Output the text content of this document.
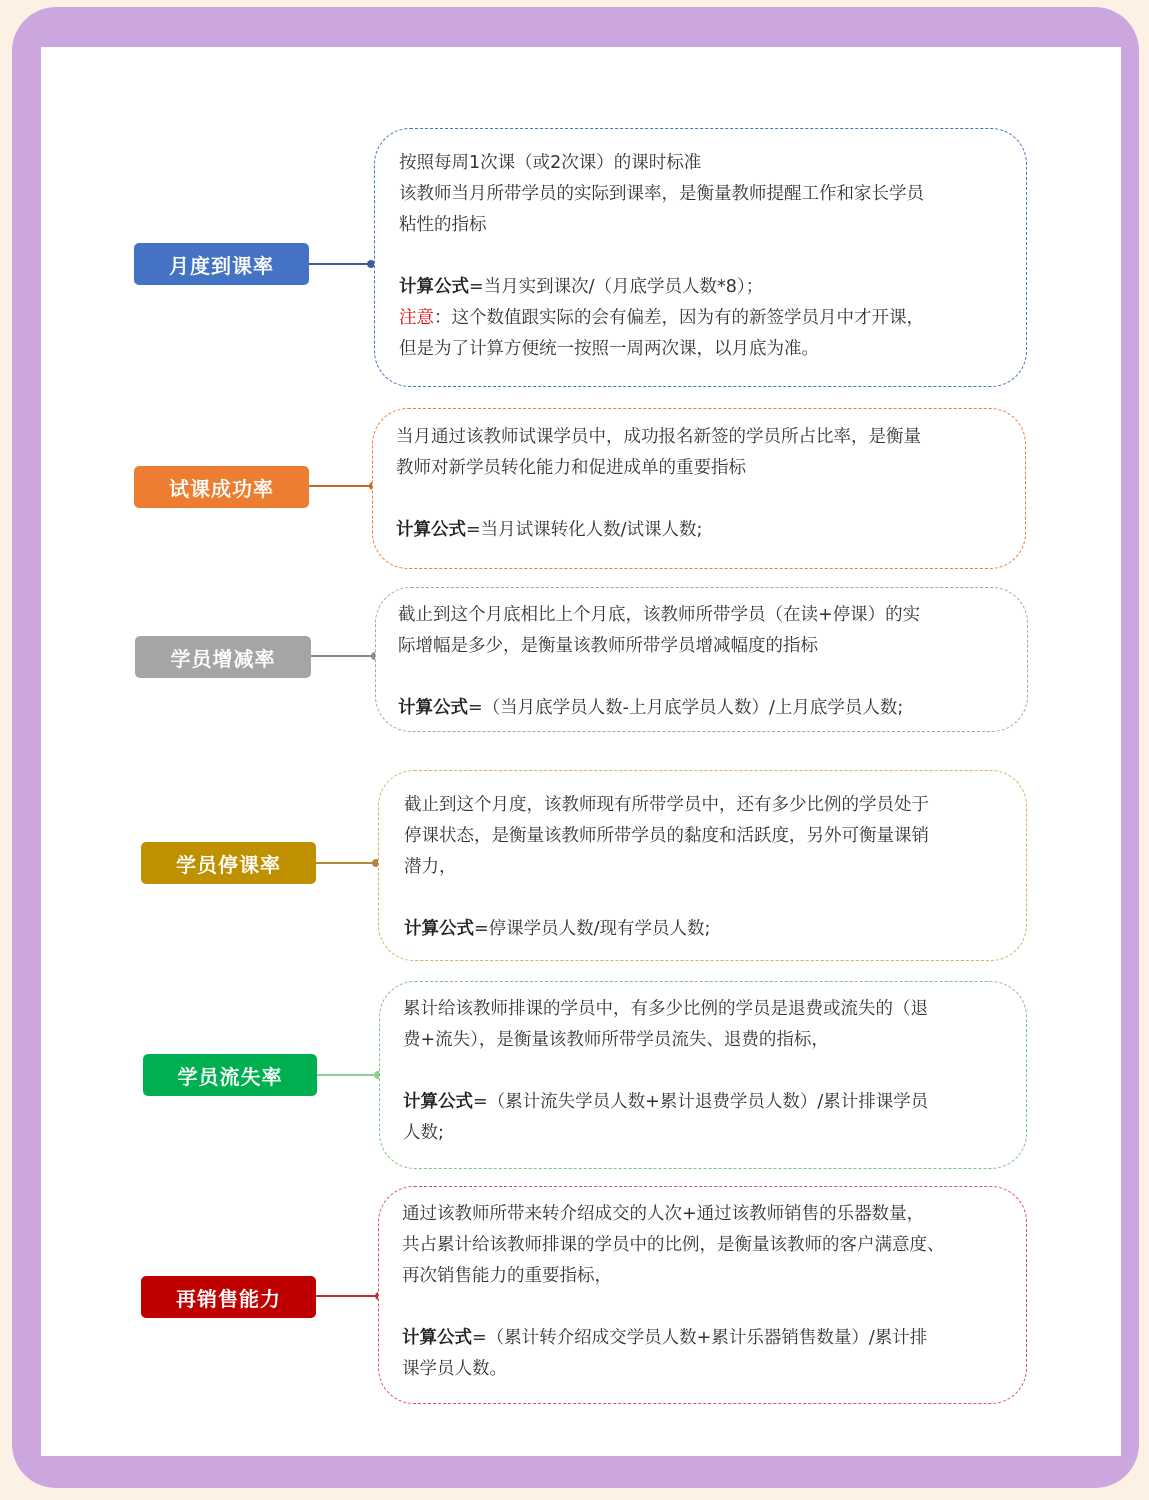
月度到课率

按照每周1次课（或2次课）的课时标准

该教师当月所带学员的实际到课率，是衡量教师提醒工作和家长学员

粘性的指标

计算公式=当月实到课次/（月底学员人数*8）；

注意：这个数值跟实际的会有偏差，因为有的新签学员月中才开课，

但是为了计算方便统一按照一周两次课，以月底为准。

试课成功率

当月通过该教师试课学员中，成功报名新签的学员所占比率，是衡量

教师对新学员转化能力和促进成单的重要指标

计算公式=当月试课转化人数/试课人数;

学员增减率

截止到这个月底相比上个月底，该教师所带学员（在读+停课）的实

际增幅是多少，是衡量该教师所带学员增减幅度的指标

计算公式=（当月底学员人数-上月底学员人数）/上月底学员人数;

学员停课率

截止到这个月度，该教师现有所带学员中，还有多少比例的学员处于

停课状态，是衡量该教师所带学员的黏度和活跃度，另外可衡量课销

潜力，

计算公式=停课学员人数/现有学员人数;

学员流失率

累计给该教师排课的学员中，有多少比例的学员是退费或流失的（退

费+流失），是衡量该教师所带学员流失、退费的指标，

计算公式=（累计流失学员人数+累计退费学员人数）/累计排课学员

人数;

再销售能力

通过该教师所带来转介绍成交的人次+通过该教师销售的乐器数量，

共占累计给该教师排课的学员中的比例，是衡量该教师的客户满意度、

再次销售能力的重要指标，

计算公式=（累计转介绍成交学员人数+累计乐器销售数量）/累计排

课学员人数。
